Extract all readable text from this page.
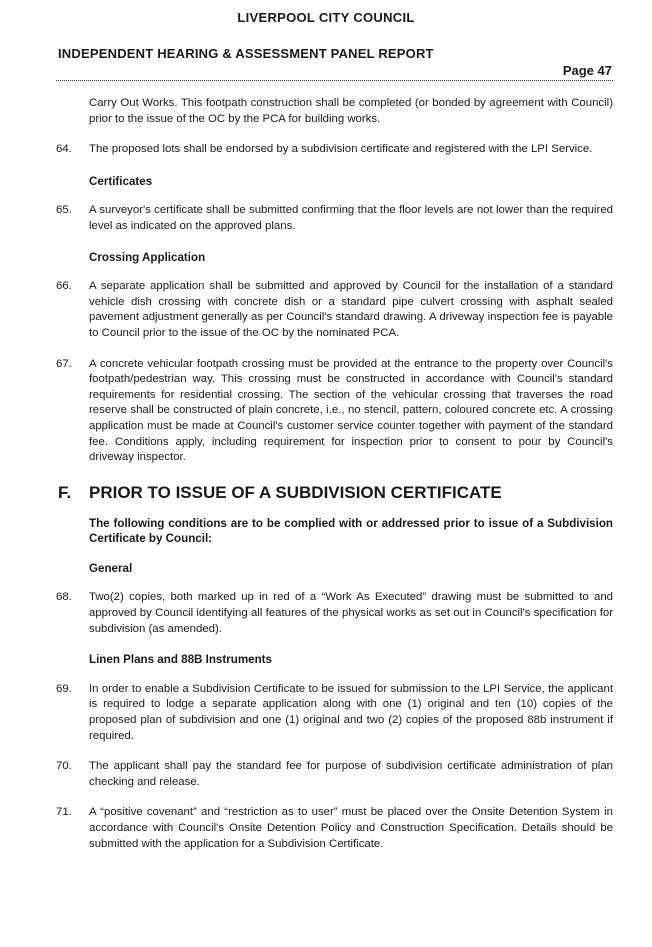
LIVERPOOL CITY COUNCIL
INDEPENDENT HEARING & ASSESSMENT PANEL REPORT
Page 47
Carry Out Works. This footpath construction shall be completed (or bonded by agreement with Council) prior to the issue of the OC by the PCA for building works.
64. The proposed lots shall be endorsed by a subdivision certificate and registered with the LPI Service.
Certificates
65. A surveyor's certificate shall be submitted confirming that the floor levels are not lower than the required level as indicated on the approved plans.
Crossing Application
66. A separate application shall be submitted and approved by Council for the installation of a standard vehicle dish crossing with concrete dish or a standard pipe culvert crossing with asphalt sealed pavement adjustment generally as per Council's standard drawing. A driveway inspection fee is payable to Council prior to the issue of the OC by the nominated PCA.
67. A concrete vehicular footpath crossing must be provided at the entrance to the property over Council's footpath/pedestrian way. This crossing must be constructed in accordance with Council's standard requirements for residential crossing. The section of the vehicular crossing that traverses the road reserve shall be constructed of plain concrete, i.e., no stencil, pattern, coloured concrete etc. A crossing application must be made at Council's customer service counter together with payment of the standard fee. Conditions apply, including requirement for inspection prior to consent to pour by Council's driveway inspector.
F. PRIOR TO ISSUE OF A SUBDIVISION CERTIFICATE
The following conditions are to be complied with or addressed prior to issue of a Subdivision Certificate by Council:
General
68. Two(2) copies, both marked up in red of a “Work As Executed” drawing must be submitted to and approved by Council identifying all features of the physical works as set out in Council's specification for subdivision (as amended).
Linen Plans and 88B Instruments
69. In order to enable a Subdivision Certificate to be issued for submission to the LPI Service, the applicant is required to lodge a separate application along with one (1) original and ten (10) copies of the proposed plan of subdivision and one (1) original and two (2) copies of the proposed 88b instrument if required.
70. The applicant shall pay the standard fee for purpose of subdivision certificate administration of plan checking and release.
71. A “positive covenant” and “restriction as to user” must be placed over the Onsite Detention System in accordance with Council's Onsite Detention Policy and Construction Specification. Details should be submitted with the application for a Subdivision Certificate.
